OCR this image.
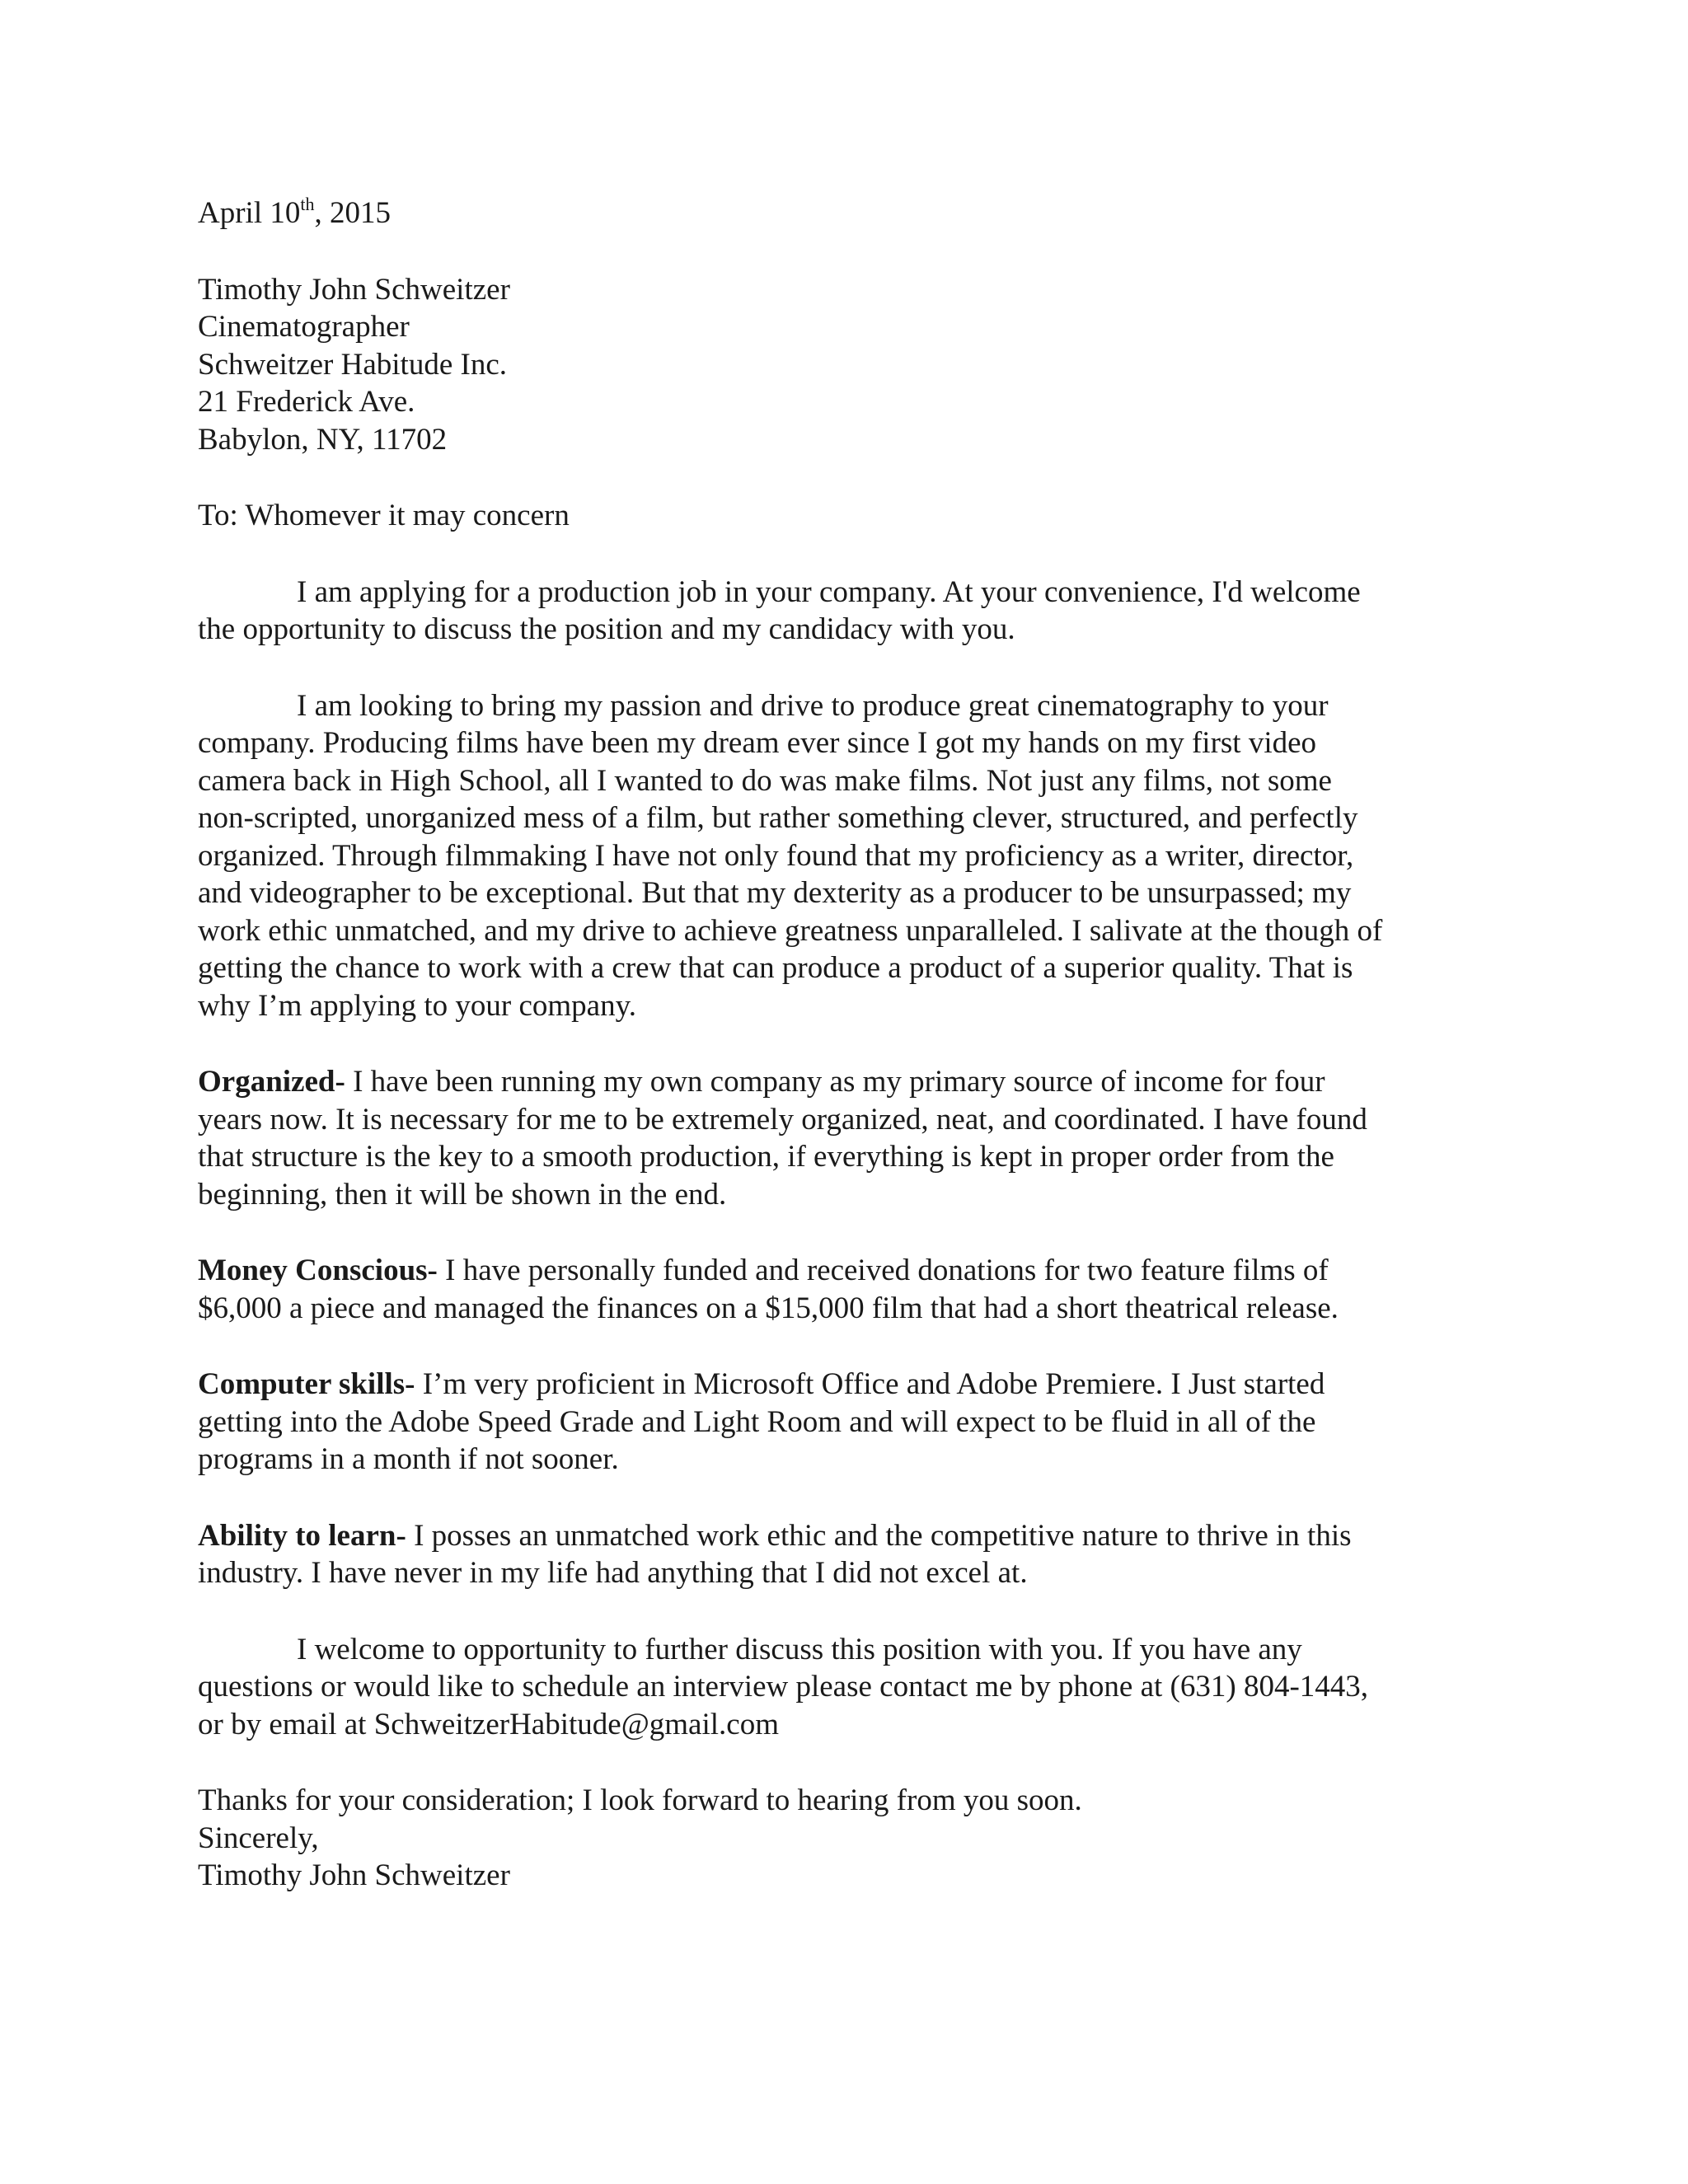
April 10th, 2015
Timothy John Schweitzer
Cinematographer
Schweitzer Habitude Inc.
21 Frederick Ave.
Babylon, NY, 11702
To: Whomever it may concern
I am applying for a production job in your company. At your convenience, I'd welcome
the opportunity to discuss the position and my candidacy with you.
I am looking to bring my passion and drive to produce great cinematography to your
company. Producing films have been my dream ever since I got my hands on my first video
camera back in High School, all I wanted to do was make films. Not just any films, not some
non-scripted, unorganized mess of a film, but rather something clever, structured, and perfectly
organized. Through filmmaking I have not only found that my proficiency as a writer, director,
and videographer to be exceptional. But that my dexterity as a producer to be unsurpassed; my
work ethic unmatched, and my drive to achieve greatness unparalleled. I salivate at the though of
getting the chance to work with a crew that can produce a product of a superior quality. That is
why I’m applying to your company.
Organized- I have been running my own company as my primary source of income for four
years now. It is necessary for me to be extremely organized, neat, and coordinated. I have found
that structure is the key to a smooth production, if everything is kept in proper order from the
beginning, then it will be shown in the end.
Money Conscious- I have personally funded and received donations for two feature films of
$6,000 a piece and managed the finances on a $15,000 film that had a short theatrical release.
Computer skills- I’m very proficient in Microsoft Office and Adobe Premiere. I Just started
getting into the Adobe Speed Grade and Light Room and will expect to be fluid in all of the
programs in a month if not sooner.
Ability to learn- I posses an unmatched work ethic and the competitive nature to thrive in this
industry. I have never in my life had anything that I did not excel at.
I welcome to opportunity to further discuss this position with you. If you have any
questions or would like to schedule an interview please contact me by phone at (631) 804-1443,
or by email at SchweitzerHabitude@gmail.com
Thanks for your consideration; I look forward to hearing from you soon.
Sincerely,
Timothy John Schweitzer
